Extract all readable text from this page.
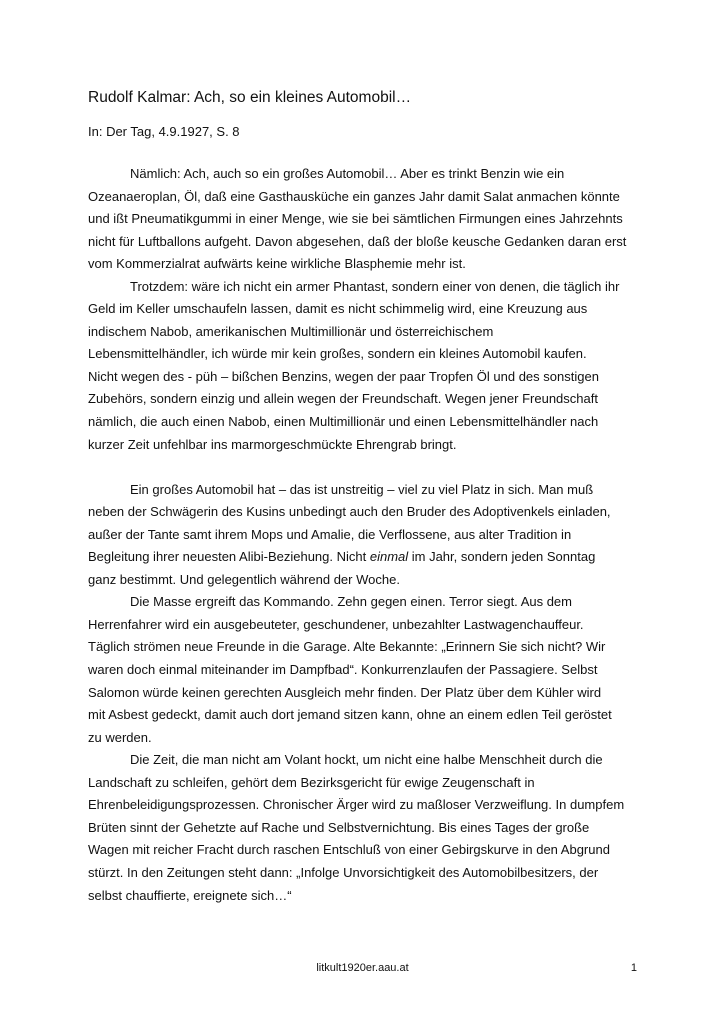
Rudolf Kalmar: Ach, so ein kleines Automobil…
In: Der Tag, 4.9.1927, S. 8
Nämlich: Ach, auch so ein großes Automobil… Aber es trinkt Benzin wie ein
Ozeanaeroplan, Öl, daß eine Gasthausküche ein ganzes Jahr damit Salat anmachen könnte
und ißt Pneumatikgummi in einer Menge, wie sie bei sämtlichen Firmungen eines Jahrzehnts
nicht für Luftballons aufgeht. Davon abgesehen, daß der bloße keusche Gedanken daran erst
vom Kommerzialrat aufwärts keine wirkliche Blasphemie mehr ist.
Trotzdem: wäre ich nicht ein armer Phantast, sondern einer von denen, die täglich ihr
Geld im Keller umschaufeln lassen, damit es nicht schimmelig wird, eine Kreuzung aus
indischem Nabob, amerikanischen Multimillionär und österreichischem
Lebensmittelhändler, ich würde mir kein großes, sondern ein kleines Automobil kaufen.
Nicht wegen des - püh – bißchen Benzins, wegen der paar Tropfen Öl und des sonstigen
Zubehörs, sondern einzig und allein wegen der Freundschaft. Wegen jener Freundschaft
nämlich, die auch einen Nabob, einen Multimillionär und einen Lebensmittelhändler nach
kurzer Zeit unfehlbar ins marmorgeschmückte Ehrengrab bringt.
Ein großes Automobil hat – das ist unstreitig – viel zu viel Platz in sich. Man muß
neben der Schwägerin des Kusins unbedingt auch den Bruder des Adoptivenkels einladen,
außer der Tante samt ihrem Mops und Amalie, die Verflossene, aus alter Tradition in
Begleitung ihrer neuesten Alibi-Beziehung. Nicht einmal im Jahr, sondern jeden Sonntag
ganz bestimmt. Und gelegentlich während der Woche.
Die Masse ergreift das Kommando. Zehn gegen einen. Terror siegt. Aus dem
Herrenfahrer wird ein ausgebeuteter, geschundener, unbezahlter Lastwagenchauffeur.
Täglich strömen neue Freunde in die Garage. Alte Bekannte: „Erinnern Sie sich nicht? Wir
waren doch einmal miteinander im Dampfbad“. Konkurrenzlaufen der Passagiere. Selbst
Salomon würde keinen gerechten Ausgleich mehr finden. Der Platz über dem Kühler wird
mit Asbest gedeckt, damit auch dort jemand sitzen kann, ohne an einem edlen Teil geröstet
zu werden.
Die Zeit, die man nicht am Volant hockt, um nicht eine halbe Menschheit durch die
Landschaft zu schleifen, gehört dem Bezirksgericht für ewige Zeugenschaft in
Ehrenbeleidigungsprozessen. Chronischer Ärger wird zu maßloser Verzweiflung. In dumpfem
Brüten sinnt der Gehetzte auf Rache und Selbstvernichtung. Bis eines Tages der große
Wagen mit reicher Fracht durch raschen Entschluß von einer Gebirgskurve in den Abgrund
stürzt. In den Zeitungen steht dann: „Infolge Unvorsichtigkeit des Automobilbesitzers, der
selbst chauffierte, ereignete sich…“
litkult1920er.aau.at	1
